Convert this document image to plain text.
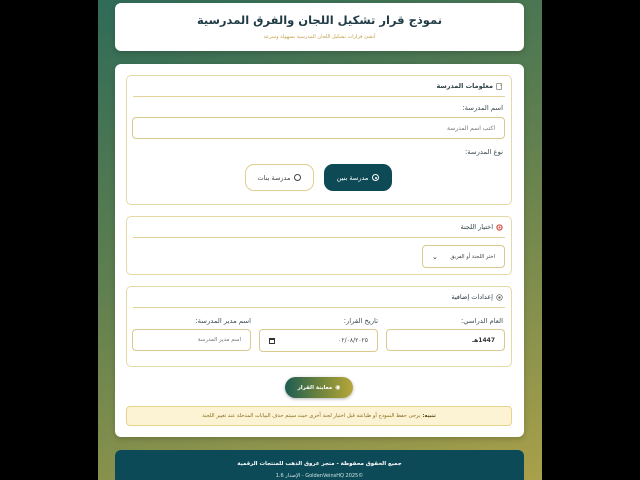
نموذج قرار تشكيل اللجان والفرق المدرسية
أنشئ قرارات تشكيل اللجان المدرسية بسهولة وسرعة
معلومات المدرسة
اسم المدرسة:
اكتب اسم المدرسة
نوع المدرسة:
مدرسة بنين
مدرسة بنات
اختيار اللجنة
اختر اللجنة أو الفريق
⌄
إعدادات إضافية
العام الدراسي:
1447هـ
تاريخ القرار:
٠٢/٠٨/٢٠٢٥
اسم مدير المدرسة:
اسم مدير المدرسة
◉
معاينة القرار
تنبيه:
يرجى حفظ النموذج أو طباعته قبل اختيار لجنة أخرى حيث سيتم حذف البيانات المدخلة عند تغيير اللجنة
جميع الحقوق محفوظة - متجر عروق الذهب للمنتجات الرقمية
©2025 GoldenVeinsHQ - الإصدار 1.6
